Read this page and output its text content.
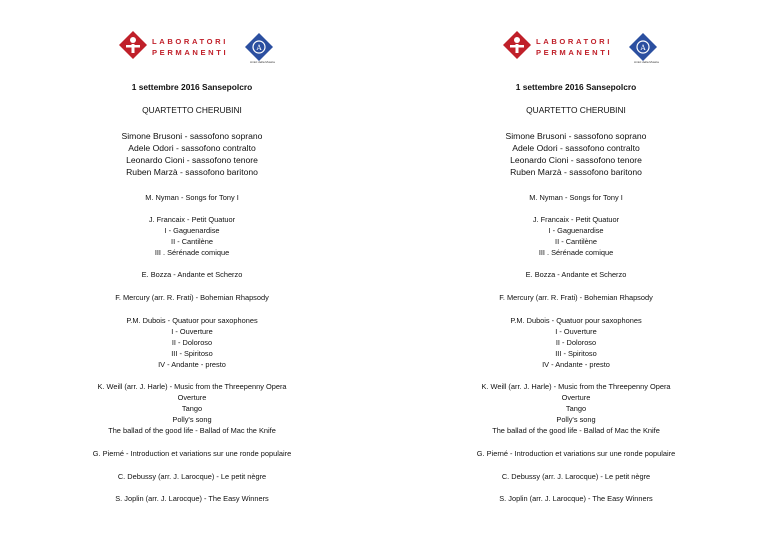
LABORATORI
PERMANENTI	A
Amici della Musica
1 settembre 2016 Sansepolcro
QUARTETTO CHERUBINI
Simone Brusoni - sassofono soprano
Adele Odori - sassofono contralto
Leonardo Cioni - sassofono tenore
Ruben Marzà - sassofono baritono
M. Nyman - Songs for Tony I
J. Francaix - Petit Quatuor
I - Gaguenardise
II - Cantilène
III . Sérénade comique
E. Bozza - Andante et Scherzo
F. Mercury (arr. R. Frati) - Bohemian Rhapsody
P.M. Dubois - Quatuor pour saxophones
I - Ouverture
II - Doloroso
III - Spiritoso
IV - Andante - presto
K. Weill (arr. J. Harle) - Music from the Threepenny Opera
Overture
Tango
Polly's song
The ballad of the good life - Ballad of Mac the Knife
G. Pierné - Introduction et variations sur une ronde populaire
C. Debussy (arr. J. Larocque) - Le petit nègre
S. Joplin (arr. J. Larocque) - The Easy Winners
LABORATORI
PERMANENTI	A
Amici della Musica
1 settembre 2016 Sansepolcro
QUARTETTO CHERUBINI
Simone Brusoni - sassofono soprano
Adele Odori - sassofono contralto
Leonardo Cioni - sassofono tenore
Ruben Marzà - sassofono baritono
M. Nyman - Songs for Tony I
J. Francaix - Petit Quatuor
I - Gaguenardise
II - Cantilène
III . Sérénade comique
E. Bozza - Andante et Scherzo
F. Mercury (arr. R. Frati) - Bohemian Rhapsody
P.M. Dubois - Quatuor pour saxophones
I - Ouverture
II - Doloroso
III - Spiritoso
IV - Andante - presto
K. Weill (arr. J. Harle) - Music from the Threepenny Opera
Overture
Tango
Polly's song
The ballad of the good life - Ballad of Mac the Knife
G. Pierné - Introduction et variations sur une ronde populaire
C. Debussy (arr. J. Larocque) - Le petit nègre
S. Joplin (arr. J. Larocque) - The Easy Winners
